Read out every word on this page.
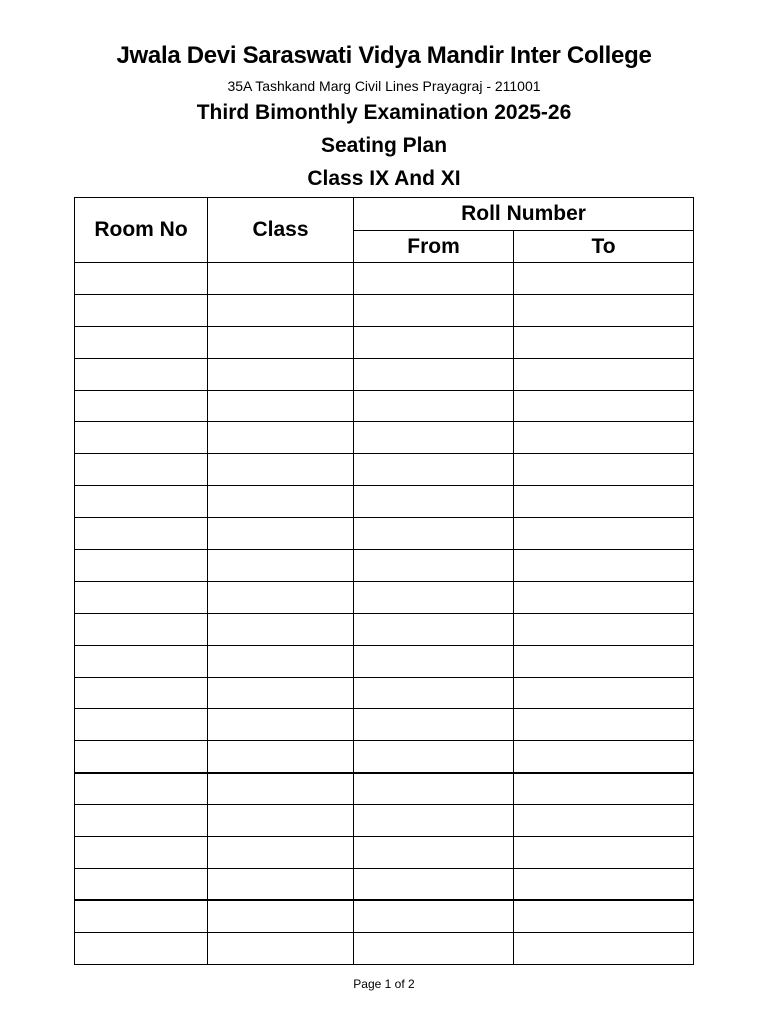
Jwala Devi Saraswati Vidya Mandir Inter College
35A Tashkand Marg Civil Lines Prayagraj - 211001
Third Bimonthly Examination 2025-26
Seating Plan
Class IX And XI
Room No	Class	Roll Number	
		From	To

Page 1 of 2
